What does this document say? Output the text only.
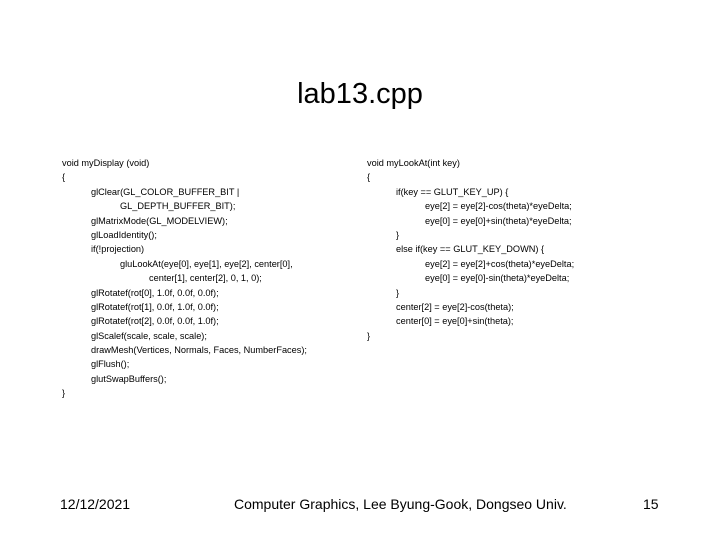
lab13.cpp
void myDisplay (void)
{
glClear(GL_COLOR_BUFFER_BIT |
GL_DEPTH_BUFFER_BIT);
glMatrixMode(GL_MODELVIEW);
glLoadIdentity();
if(!projection)
gluLookAt(eye[0], eye[1], eye[2], center[0],
center[1], center[2], 0, 1, 0);
glRotatef(rot[0], 1.0f, 0.0f, 0.0f);
glRotatef(rot[1], 0.0f, 1.0f, 0.0f);
glRotatef(rot[2], 0.0f, 0.0f, 1.0f);
glScalef(scale, scale, scale);
drawMesh(Vertices, Normals, Faces, NumberFaces);
glFlush();
glutSwapBuffers();
}
void myLookAt(int key)
{
if(key == GLUT_KEY_UP) {
eye[2] = eye[2]-cos(theta)*eyeDelta;
eye[0] = eye[0]+sin(theta)*eyeDelta;
}
else if(key == GLUT_KEY_DOWN) {
eye[2] = eye[2]+cos(theta)*eyeDelta;
eye[0] = eye[0]-sin(theta)*eyeDelta;
}
center[2] = eye[2]-cos(theta);
center[0] = eye[0]+sin(theta);
}
12/12/2021	Computer Graphics, Lee Byung-Gook, Dongseo Univ.	15
